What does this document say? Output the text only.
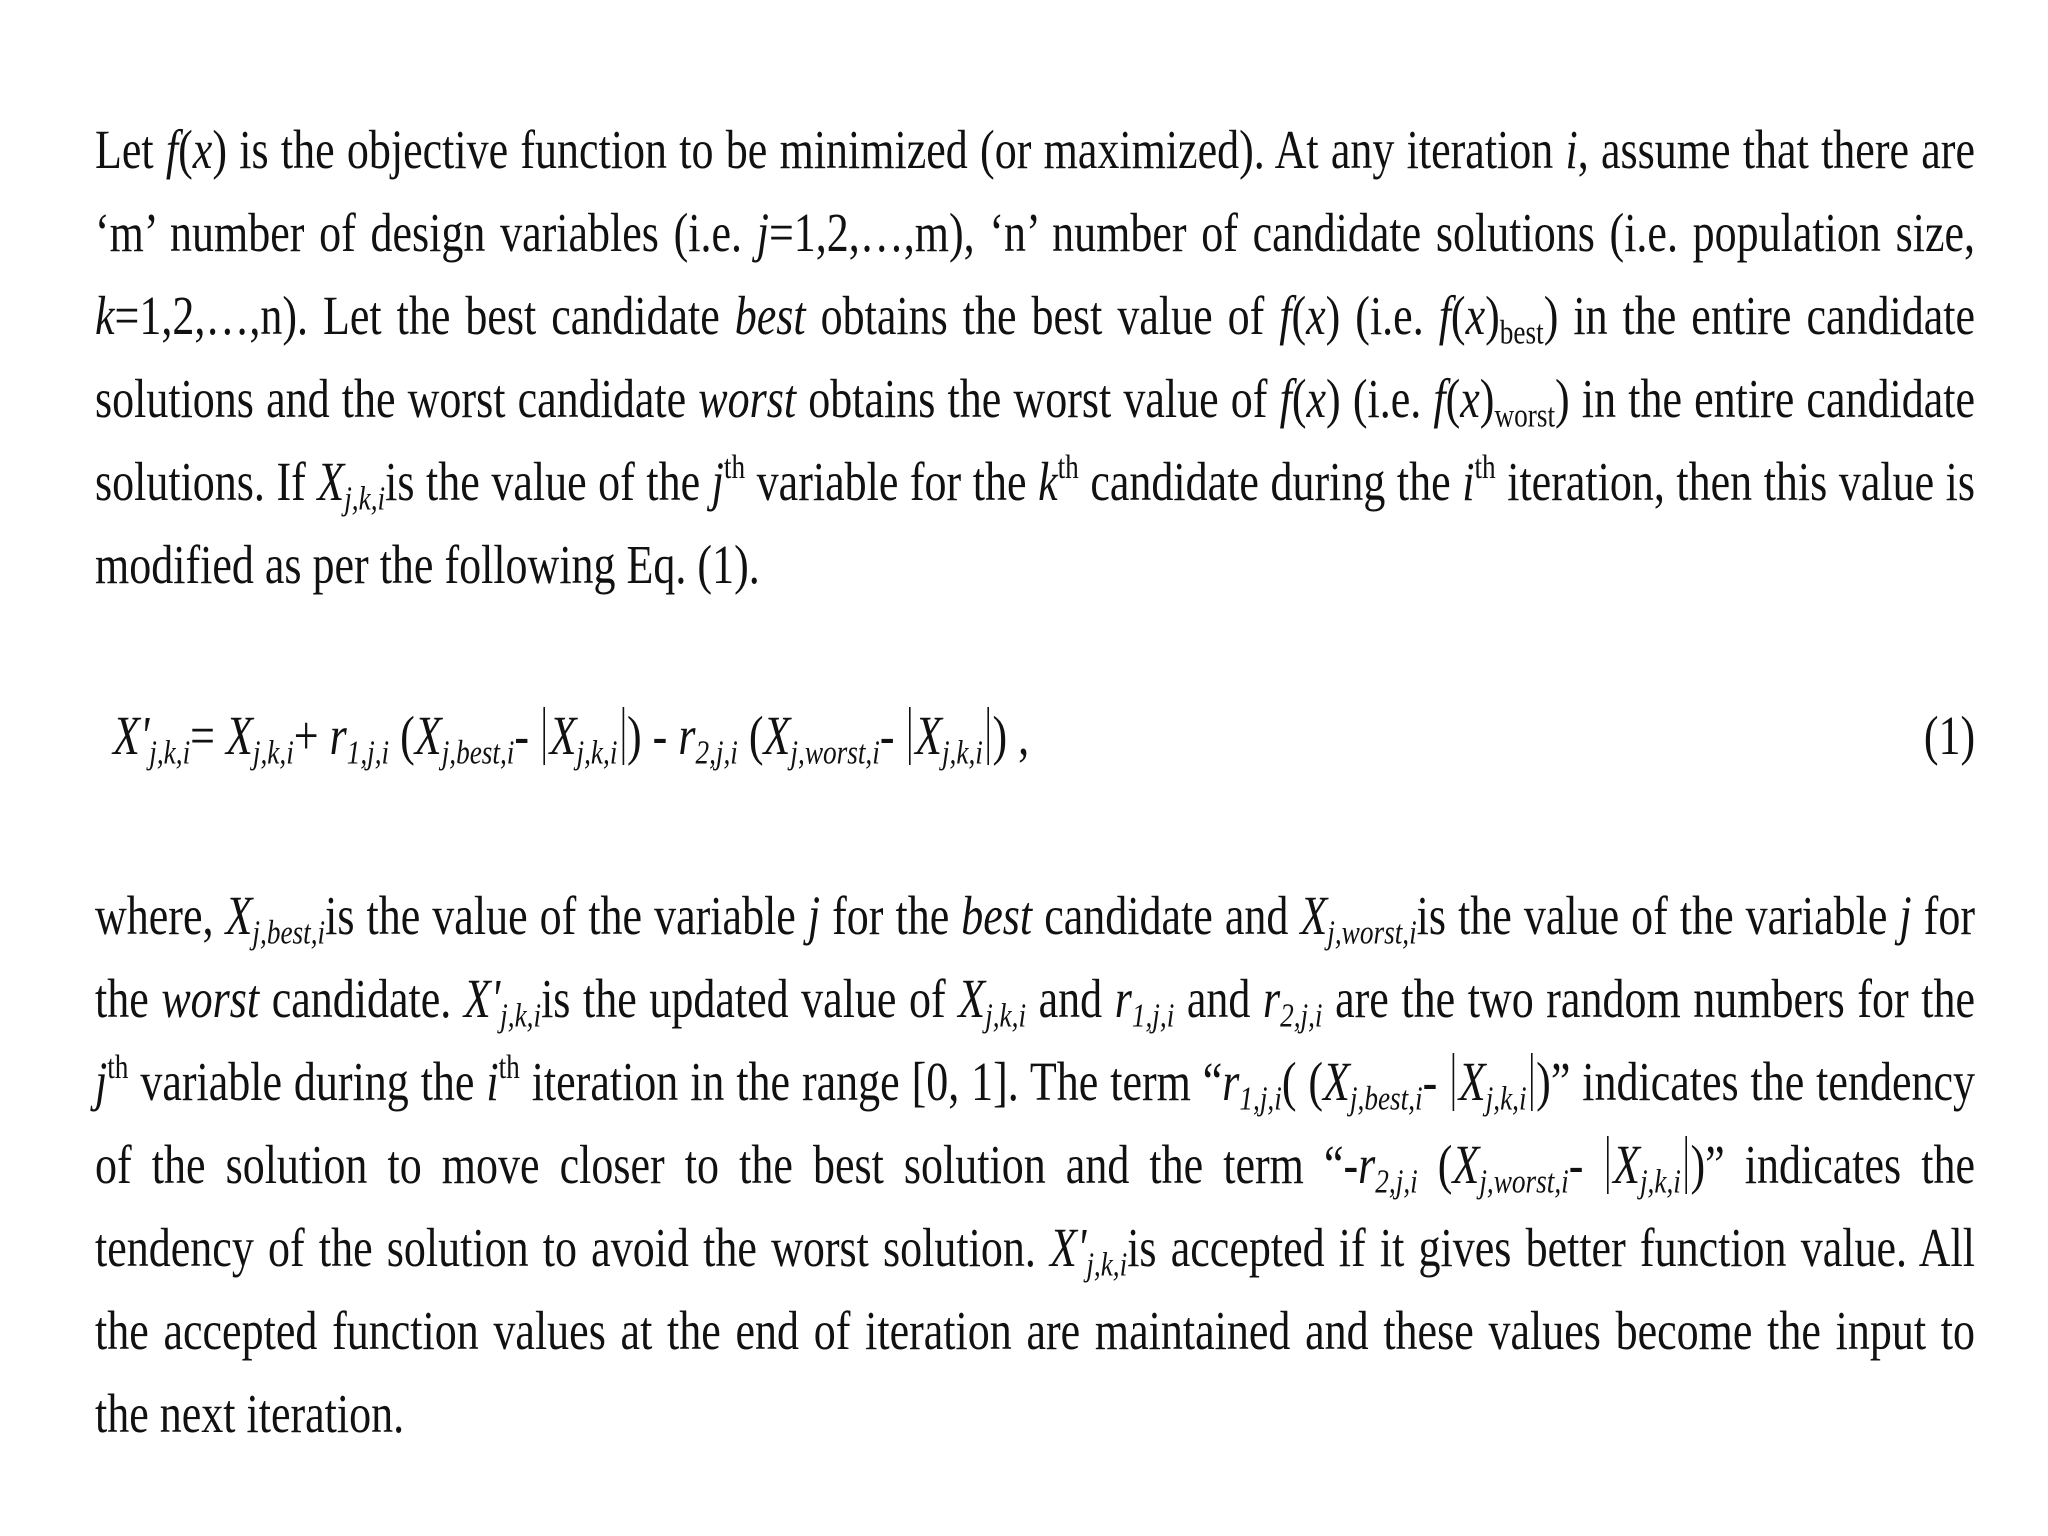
Let f(x) is the objective function to be minimized (or maximized). At any iteration i, assume that there are ‘m’ number of design variables (i.e. j=1,2,…,m), ‘n’ number of candidate solutions (i.e. population size, k=1,2,…,n). Let the best candidate best obtains the best value of f(x) (i.e. $f(x)_{best}$) in the entire candidate solutions and the worst candidate worst obtains the worst value of f(x) (i.e. $f(x)_{worst}$) in the entire candidate solutions. If $X_{j,k,i}is$ the value of the $j^{th}$ variable for the $k^{th}$ candidate during the $i^{th}$ iteration, then this value is modified as per the following Eq. (1).

$X'_{j,k,i}= X_{j,k,i}+ r_{1,j,i}$ ($X_{j,best,i}-$ $X_{j,k,i}$ ) - $r_{2,j,i}$ ($X_{j,worst,i}-$ $X_{j,k,i}$ ) ,	(1)

where, $X_{j,best,i}is$ the value of the variable j for the best candidate and $X_{j,worst,i}is$ the value of the variable j for the worst candidate. $X'_{j,k,i}is$ the updated value of $X_{j,k,i}$ and $r_{1,j,i}$ and $r_{2,j,i}$ are the two random numbers for the $j^{th}$ variable during the $i^{th}$ iteration in the range [0, 1]. The term “$r_{1,j,i}$( ($X_{j,best,i}-$ $X_{j,k,i}$ )” indicates the tendency of the solution to move closer to the best solution and the term “$-r_{2,j,i}$ ($X_{j,worst,i}-$ $X_{j,k,i}$ )” indicates the tendency of the solution to avoid the worst solution. $X'_{j,k,i}is$ accepted if it gives better function value. All the accepted function values at the end of iteration are maintained and these values become the input to the next iteration.
